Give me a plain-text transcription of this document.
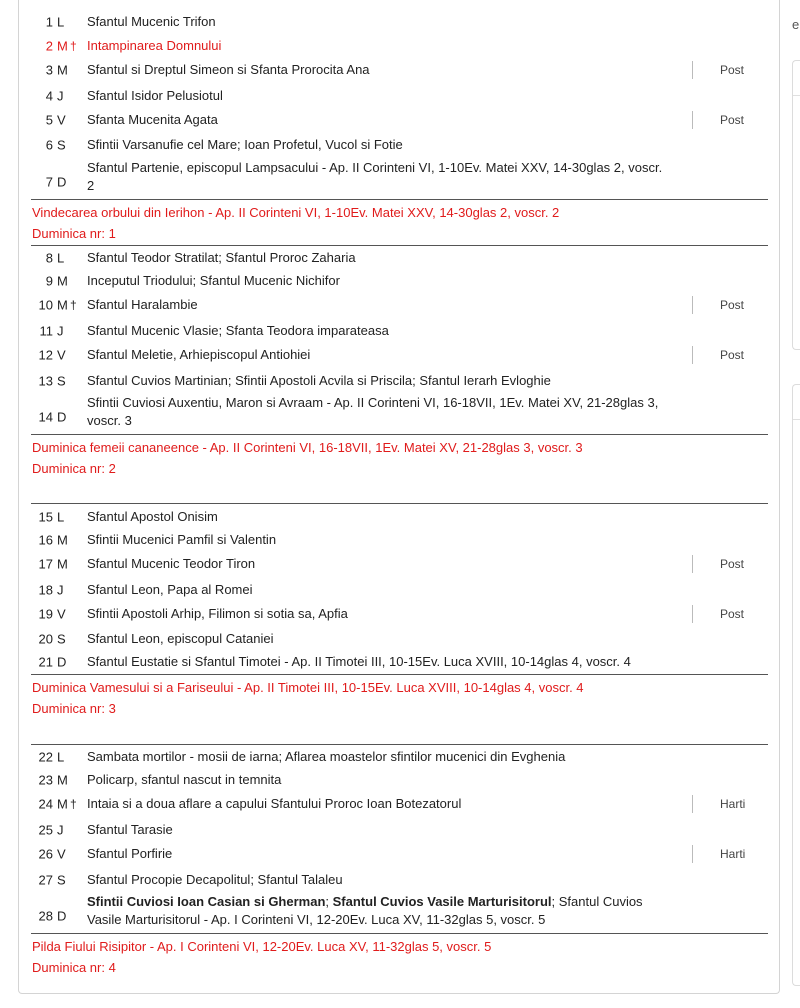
1 L Sfantul Mucenic Trifon
2 M † Intampinarea Domnului
3 M Sfantul si Dreptul Simeon si Sfanta Prorocita Ana	Post
4 J Sfantul Isidor Pelusiotul
5 V Sfanta Mucenita Agata	Post
6 S Sfintii Varsanufie cel Mare; Ioan Profetul, Vucol si Fotie
7 D
Sfantul Partenie, episcopul Lampsacului - Ap. II Corinteni VI, 1-10Ev. Matei XXV, 14-30glas 2, voscr. 2
Vindecarea orbului din Ierihon - Ap. II Corinteni VI, 1-10Ev. Matei XXV, 14-30glas 2, voscr. 2
Duminica nr: 1
8 L Sfantul Teodor Stratilat; Sfantul Proroc Zaharia
9 M Inceputul Triodului; Sfantul Mucenic Nichifor
10 M † Sfantul Haralambie	Post
11 J Sfantul Mucenic Vlasie; Sfanta Teodora imparateasa
12 V Sfantul Meletie, Arhiepiscopul Antiohiei	Post
13 S Sfantul Cuvios Martinian; Sfintii Apostoli Acvila si Priscila; Sfantul Ierarh Evloghie
14 D
Sfintii Cuviosi Auxentiu, Maron si Avraam - Ap. II Corinteni VI, 16-18VII, 1Ev. Matei XV, 21-28glas 3, voscr. 3
Duminica femeii cananeence - Ap. II Corinteni VI, 16-18VII, 1Ev. Matei XV, 21-28glas 3, voscr. 3
Duminica nr: 2
15 L Sfantul Apostol Onisim
16 M Sfintii Mucenici Pamfil si Valentin
17 M Sfantul Mucenic Teodor Tiron	Post
18 J Sfantul Leon, Papa al Romei
19 V Sfintii Apostoli Arhip, Filimon si sotia sa, Apfia	Post
20 S Sfantul Leon, episcopul Cataniei
21 D Sfantul Eustatie si Sfantul Timotei - Ap. II Timotei III, 10-15Ev. Luca XVIII, 10-14glas 4, voscr. 4
Duminica Vamesului si a Fariseului - Ap. II Timotei III, 10-15Ev. Luca XVIII, 10-14glas 4, voscr. 4
Duminica nr: 3
22 L Sambata mortilor - mosii de iarna; Aflarea moastelor sfintilor mucenici din Evghenia
23 M Policarp, sfantul nascut in temnita
24 M † Intaia si a doua aflare a capului Sfantului Proroc Ioan Botezatorul	Harti
25 J Sfantul Tarasie
26 V Sfantul Porfirie	Harti
27 S Sfantul Procopie Decapolitul; Sfantul Talaleu
28 D
Sfintii Cuviosi Ioan Casian si Gherman; Sfantul Cuvios Vasile Marturisitorul; Sfantul Cuvios Vasile Marturisitorul - Ap. I Corinteni VI, 12-20Ev. Luca XV, 11-32glas 5, voscr. 5
Pilda Fiului Risipitor - Ap. I Corinteni VI, 12-20Ev. Luca XV, 11-32glas 5, voscr. 5
Duminica nr: 4
e
